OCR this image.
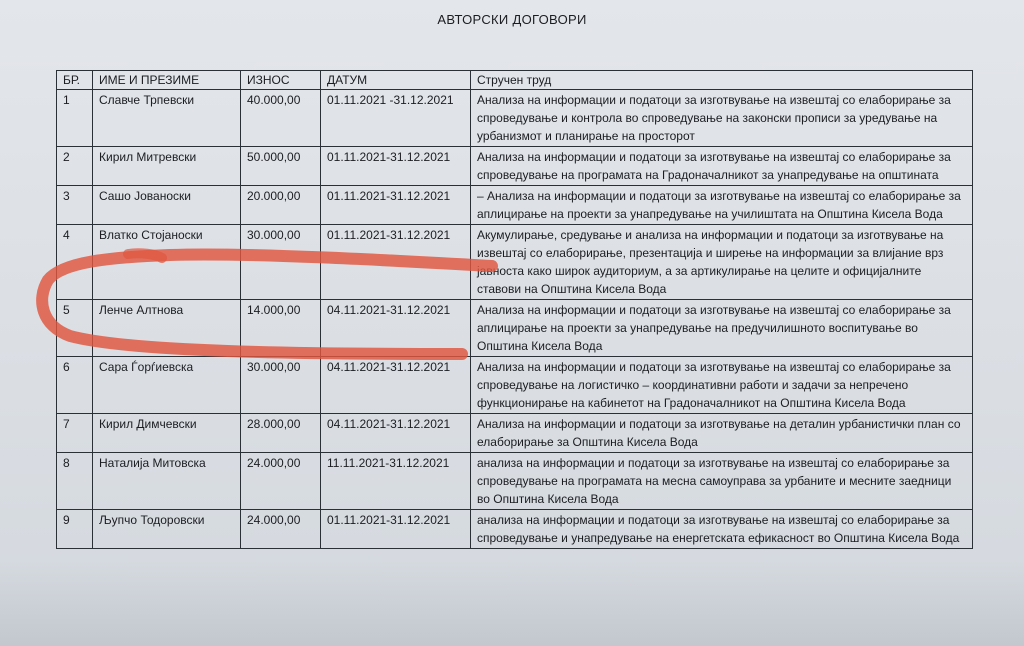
АВТОРСКИ ДОГОВОРИ
БР.	ИМЕ И ПРЕЗИМЕ	ИЗНОС	ДАТУМ	Стручен труд
1	Славче Трпевски	40.000,00	01.11.2021 -31.12.2021	Анализа на информации и податоци за изготвување на извештај со елаборирање за спроведување и контрола во спроведување на законски прописи за уредување на урбанизмот и планирање на просторот
2	Кирил Митревски	50.000,00	01.11.2021-31.12.2021	Анализа на информации и податоци за изготвување на извештај со елаборирање за спроведување на програмата на Градоначалникот за унапредување на општината
3	Сашо Јованоски	20.000,00	01.11.2021-31.12.2021	– Анализа на информации и податоци за изготвување на извештај со елаборирање за аплицирање на проекти за унапредување на училиштата на Општина Кисела Вода
4	Влатко Стојаноски	30.000,00	01.11.2021-31.12.2021	Акумулирање, средување и анализа на информации и податоци за изготвување на извештај со елаборирање, презентација и ширење на информации за влијание врз јавноста како широк аудиториум, а за артикулирање на целите и официјалните ставови на Општина Кисела Вода
5	Ленче Алтнова	14.000,00	04.11.2021-31.12.2021	Анализа на информации и податоци за изготвување на извештај со елаборирање за аплицирање на проекти за унапредување на предучилишното воспитување во Општина Кисела Вода
6	Сара Ѓорѓиевска	30.000,00	04.11.2021-31.12.2021	Анализа на информации и податоци за изготвување на извештај со елаборирање за спроведување на логистичко – координативни работи и задачи за непречено функционирање на кабинетот на Градоначалникот на Општина Кисела Вода
7	Кирил Димчевски	28.000,00	04.11.2021-31.12.2021	Анализа на информации и податоци за изготвување на деталин урбанистички план со елаборирање за Општина Кисела Вода
8	Наталија Митовска	24.000,00	11.11.2021-31.12.2021	анализа на информации и податоци за изготвување на извештај со елаборирање за спроведување на програмата на месна самоуправа за урбаните и месните заедници во Општина Кисела Вода
9	Љупчо Тодоровски	24.000,00	01.11.2021-31.12.2021	анализа на информации и податоци за изготвување на извештај со елаборирање за спроведување и унапредување на енергетската ефикасност во Општина Кисела Вода
